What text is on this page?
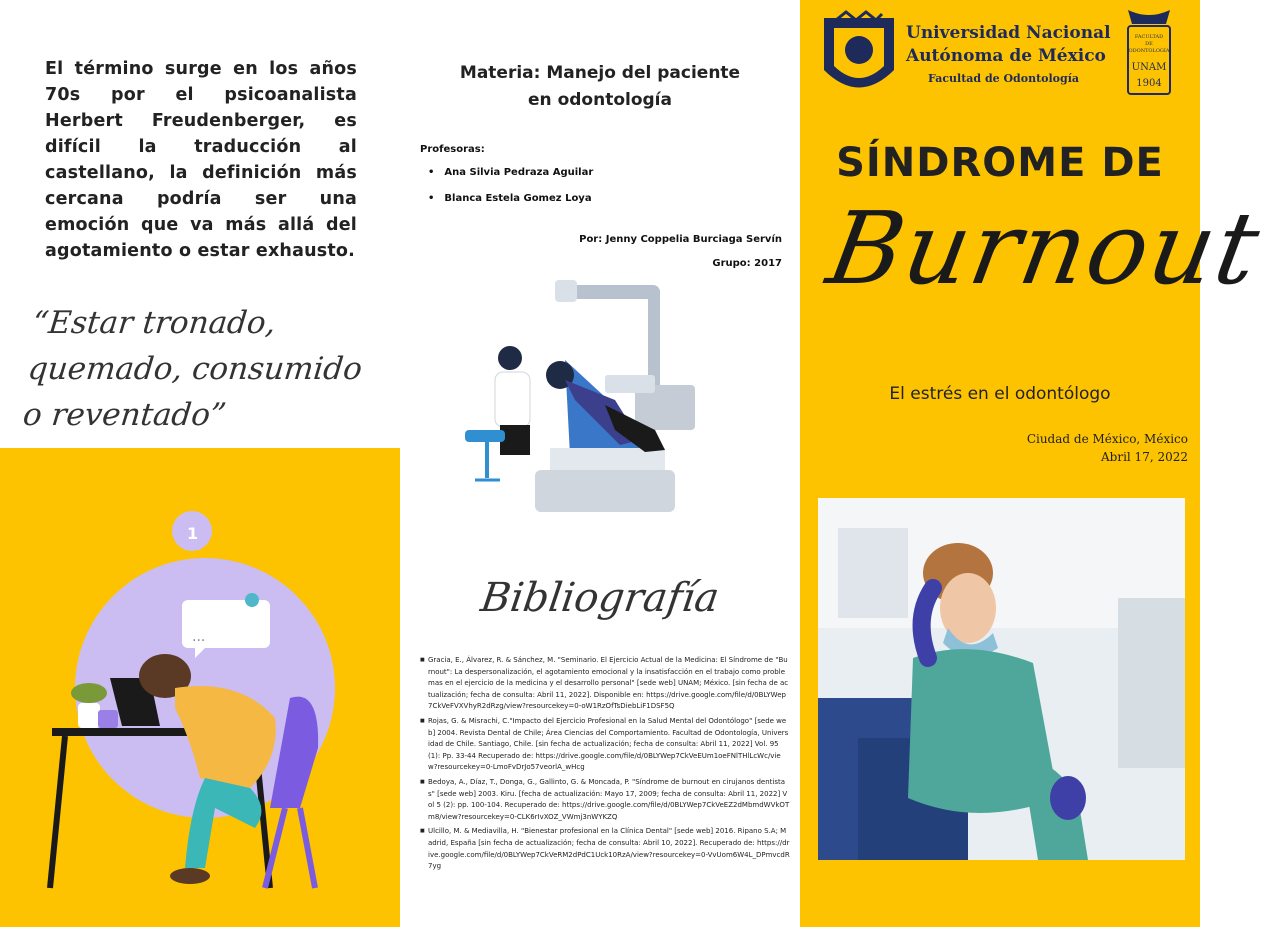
El término surge en los años 70s por el psicoanalista Herbert Freudenberger, es difícil la traducción al castellano, la definición más cercana podría ser una emoción que va más allá del agotamiento o estar exhausto.

“Estar tronado, quemado, consumido o reventado”
1
...
Materia: Manejo del paciente
en odontología
Profesoras:
• Ana Silvia Pedraza Aguilar
• Blanca Estela Gomez Loya
Por: Jenny Coppelia Burciaga Servín
Grupo: 2017
Bibliografía
■ Gracia, E., Álvarez, R. & Sánchez, M. "Seminario. El Ejercicio Actual de la Medicina: El Síndrome de "Burnout": La despersonalización, el agotamiento emocional y la insatisfacción en el trabajo como problemas en el ejercicio de la medicina y el desarrollo personal" [sede web] UNAM; México. [sin fecha de actualización; fecha de consulta: Abril 11, 2022]. Disponible en: https://drive.google.com/file/d/0BLYWep7CkVeFVXVhyR2dRzg/view?resourcekey=0-oW1RzOfTsDiebLiF1DSF5Q
■ Rojas, G. & Misrachi, C."Impacto del Ejercicio Profesional en la Salud Mental del Odontólogo" [sede web] 2004. Revista Dental de Chile; Área Ciencias del Comportamiento. Facultad de Odontología, Universidad de Chile. Santiago, Chile. [sin fecha de actualización; fecha de consulta: Abril 11, 2022] Vol. 95 (1): Pp. 33-44 Recuperado de: https://drive.google.com/file/d/0BLYWep7CkVeEUm1oeFNlTHlLcWc/view?resourcekey=0-LmoFvDrJo57veorlA_wHcg
■ Bedoya, A., Díaz, T., Donga, G., Gallinto, G. & Moncada, P. "Síndrome de burnout en cirujanos dentistas" [sede web] 2003. Kiru. [fecha de actualización: Mayo 17, 2009; fecha de consulta: Abril 11, 2022] Vol 5 (2): pp. 100-104. Recuperado de: https://drive.google.com/file/d/0BLYWep7CkVeEZ2dMbmdWVkOTm8/view?resourcekey=0-CLK6rIvXOZ_VWmj3nWYKZQ
■ Ulcillo, M. & Mediavilla, H. "Bienestar profesional en la Clínica Dental" [sede web] 2016. Ripano S.A; Madrid, España [sin fecha de actualización; fecha de consulta: Abril 10, 2022]. Recuperado de: https://drive.google.com/file/d/0BLYWep7CkVeRM2dPdC1Uck10RzA/view?resourcekey=0-VvUom6W4L_DPmvcdR7yg
Universidad Nacional
Autónoma de México
Facultad de Odontología
FACULTAD
DE
ODONTOLOGÍA
UNAM
1904
SÍNDROME DE
Burnout
El estrés en el odontólogo
Ciudad de México, México
Abril 17, 2022
